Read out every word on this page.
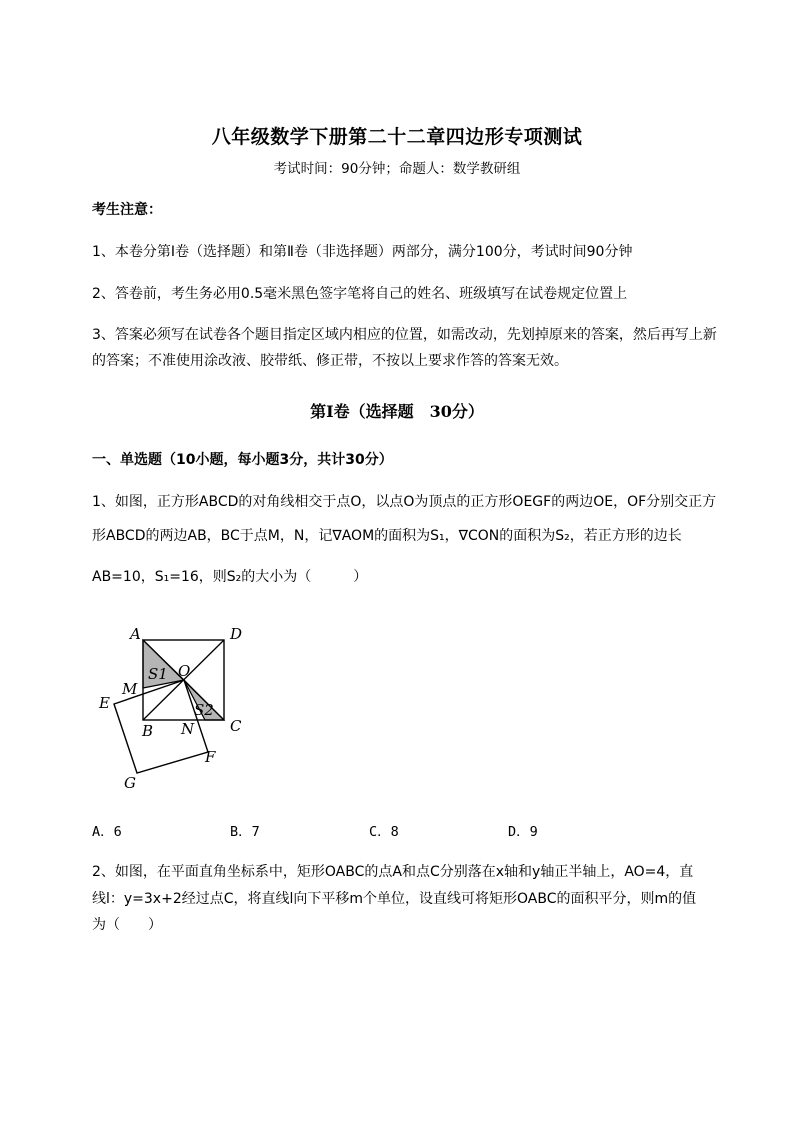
八年级数学下册第二十二章四边形专项测试
考试时间：90分钟；命题人：数学教研组
考生注意：
1、本卷分第I卷（选择题）和第Ⅱ卷（非选择题）两部分，满分100分，考试时间90分钟
2、答卷前，考生务必用0.5毫米黑色签字笔将自己的姓名、班级填写在试卷规定位置上
3、答案必须写在试卷各个题目指定区域内相应的位置，如需改动，先划掉原来的答案，然后再写上新
的答案；不准使用涂改液、胶带纸、修正带，不按以上要求作答的答案无效。
第I卷（选择题　30分）
一、单选题（10小题，每小题3分，共计30分）
1、如图，正方形ABCD的对角线相交于点O，以点O为顶点的正方形OEGF的两边OE，OF分别交正方
形ABCD的两边AB，BC于点M，N，记∇AOM的面积为S₁，∇CON的面积为S₂，若正方形的边长
AB=10，S₁=16，则S₂的大小为（　　　）
A	D
B	C
O
E
F
G
M
N
S1
S2
A．6	B．7	C．8	D．9
2、如图，在平面直角坐标系中，矩形OABC的点A和点C分别落在x轴和y轴正半轴上，AO=4，直
线l：y=3x+2经过点C，将直线l向下平移m个单位，设直线可将矩形OABC的面积平分，则m的值
为（　　）
